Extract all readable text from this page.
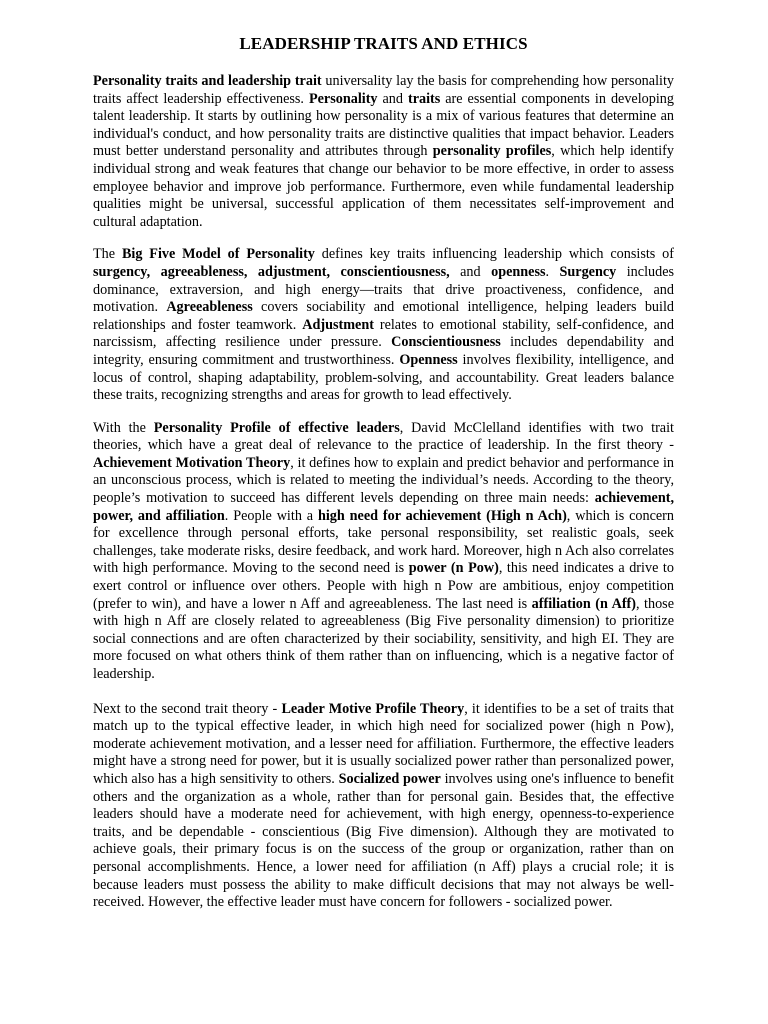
LEADERSHIP TRAITS AND ETHICS

Personality traits and leadership trait universality lay the basis for comprehending how personality traits affect leadership effectiveness. Personality and traits are essential components in developing talent leadership. It starts by outlining how personality is a mix of various features that determine an individual's conduct, and how personality traits are distinctive qualities that impact behavior. Leaders must better understand personality and attributes through personality profiles, which help identify individual strong and weak features that change our behavior to be more effective, in order to assess employee behavior and improve job performance. Furthermore, even while fundamental leadership qualities might be universal, successful application of them necessitates self-improvement and cultural adaptation.

The Big Five Model of Personality defines key traits influencing leadership which consists of surgency, agreeableness, adjustment, conscientiousness, and openness. Surgency includes dominance, extraversion, and high energy—traits that drive proactiveness, confidence, and motivation. Agreeableness covers sociability and emotional intelligence, helping leaders build relationships and foster teamwork. Adjustment relates to emotional stability, self-confidence, and narcissism, affecting resilience under pressure. Conscientiousness includes dependability and integrity, ensuring commitment and trustworthiness. Openness involves flexibility, intelligence, and locus of control, shaping adaptability, problem-solving, and accountability. Great leaders balance these traits, recognizing strengths and areas for growth to lead effectively.

With the Personality Profile of effective leaders, David McClelland identifies with two trait theories, which have a great deal of relevance to the practice of leadership. In the first theory - Achievement Motivation Theory, it defines how to explain and predict behavior and performance in an unconscious process, which is related to meeting the individual’s needs. According to the theory, people’s motivation to succeed has different levels depending on three main needs: achievement, power, and affiliation. People with a high need for achievement (High n Ach), which is concern for excellence through personal efforts, take personal responsibility, set realistic goals, seek challenges, take moderate risks, desire feedback, and work hard. Moreover, high n Ach also correlates with high performance. Moving to the second need is power (n Pow), this need indicates a drive to exert control or influence over others. People with high n Pow are ambitious, enjoy competition (prefer to win), and have a lower n Aff and agreeableness. The last need is affiliation (n Aff), those with high n Aff are closely related to agreeableness (Big Five personality dimension) to prioritize social connections and are often characterized by their sociability, sensitivity, and high EI. They are more focused on what others think of them rather than on influencing, which is a negative factor of leadership.

Next to the second trait theory - Leader Motive Profile Theory, it identifies to be a set of traits that match up to the typical effective leader, in which high need for socialized power (high n Pow), moderate achievement motivation, and a lesser need for affiliation. Furthermore, the effective leaders might have a strong need for power, but it is usually socialized power rather than personalized power, which also has a high sensitivity to others. Socialized power involves using one's influence to benefit others and the organization as a whole, rather than for personal gain. Besides that, the effective leaders should have a moderate need for achievement, with high energy, openness-to-experience traits, and be dependable - conscientious (Big Five dimension). Although they are motivated to achieve goals, their primary focus is on the success of the group or organization, rather than on personal accomplishments. Hence, a lower need for affiliation (n Aff) plays a crucial role; it is because leaders must possess the ability to make difficult decisions that may not always be well-received. However, the effective leader must have concern for followers - socialized power.
